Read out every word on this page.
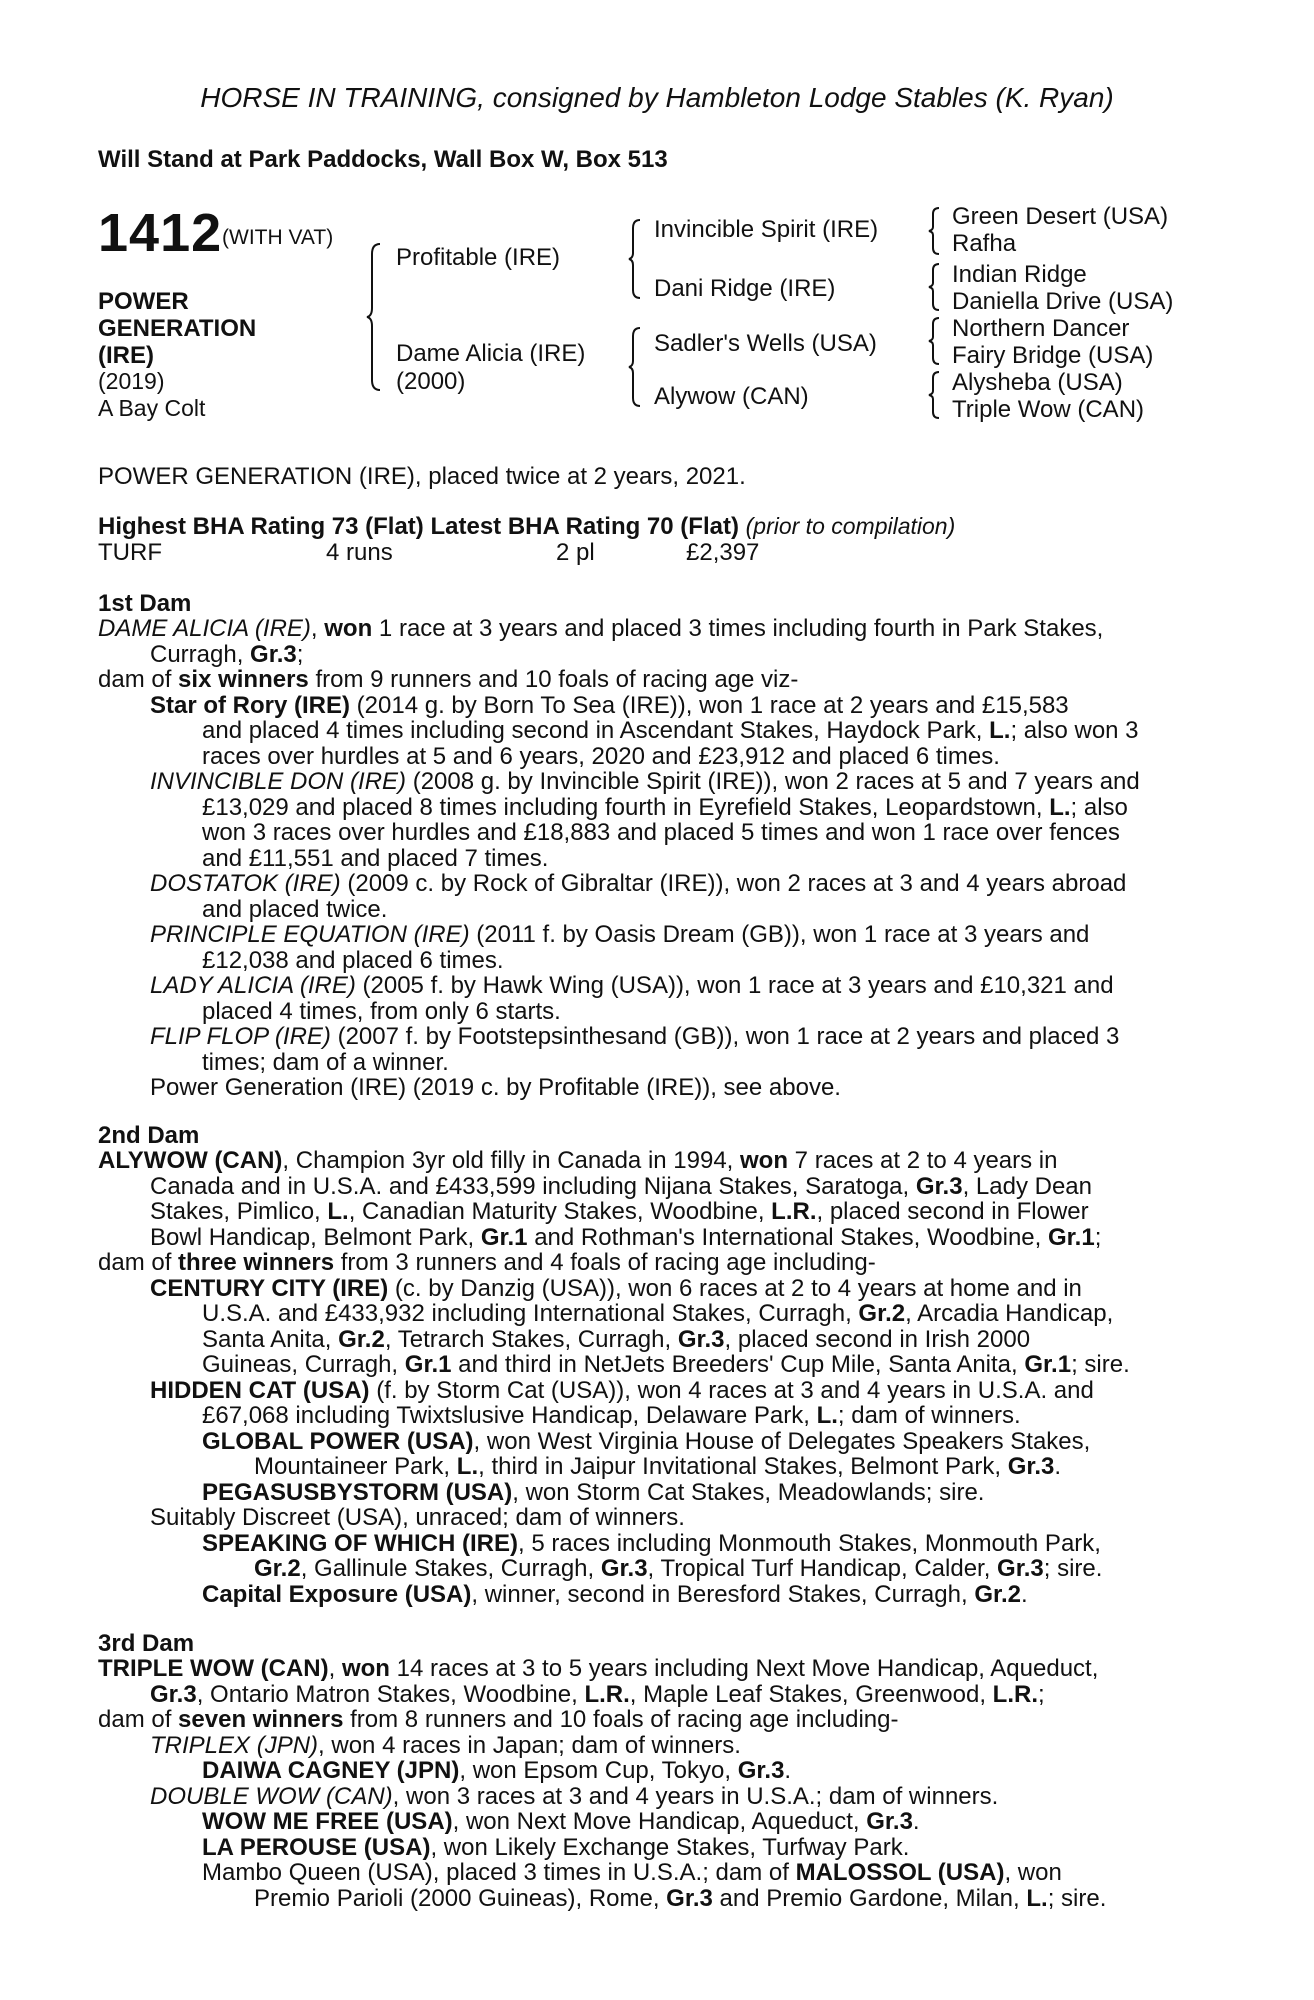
HORSE IN TRAINING, consigned by Hambleton Lodge Stables (K. Ryan)
Will Stand at Park Paddocks, Wall Box W, Box 513
1412 (WITH VAT)
POWER
GENERATION
(IRE)
(2019)
A Bay Colt
Profitable (IRE)
Dame Alicia (IRE)
(2000)
Invincible Spirit (IRE)
Dani Ridge (IRE)
Sadler's Wells (USA)
Alywow (CAN)
Green Desert (USA)
Rafha
Indian Ridge
Daniella Drive (USA)
Northern Dancer
Fairy Bridge (USA)
Alysheba (USA)
Triple Wow (CAN)
POWER GENERATION (IRE), placed twice at 2 years, 2021.
Highest BHA Rating 73 (Flat) Latest BHA Rating 70 (Flat) (prior to compilation)
TURF	4 runs	2 pl	£2,397
1st Dam
DAME ALICIA (IRE), won 1 race at 3 years and placed 3 times including fourth in Park Stakes,
Curragh, Gr.3;
dam of six winners from 9 runners and 10 foals of racing age viz-
Star of Rory (IRE) (2014 g. by Born To Sea (IRE)), won 1 race at 2 years and £15,583
and placed 4 times including second in Ascendant Stakes, Haydock Park, L.; also won 3
races over hurdles at 5 and 6 years, 2020 and £23,912 and placed 6 times.
INVINCIBLE DON (IRE) (2008 g. by Invincible Spirit (IRE)), won 2 races at 5 and 7 years and
£13,029 and placed 8 times including fourth in Eyrefield Stakes, Leopardstown, L.; also
won 3 races over hurdles and £18,883 and placed 5 times and won 1 race over fences
and £11,551 and placed 7 times.
DOSTATOK (IRE) (2009 c. by Rock of Gibraltar (IRE)), won 2 races at 3 and 4 years abroad
and placed twice.
PRINCIPLE EQUATION (IRE) (2011 f. by Oasis Dream (GB)), won 1 race at 3 years and
£12,038 and placed 6 times.
LADY ALICIA (IRE) (2005 f. by Hawk Wing (USA)), won 1 race at 3 years and £10,321 and
placed 4 times, from only 6 starts.
FLIP FLOP (IRE) (2007 f. by Footstepsinthesand (GB)), won 1 race at 2 years and placed 3
times; dam of a winner.
Power Generation (IRE) (2019 c. by Profitable (IRE)), see above.
2nd Dam
ALYWOW (CAN), Champion 3yr old filly in Canada in 1994, won 7 races at 2 to 4 years in
Canada and in U.S.A. and £433,599 including Nijana Stakes, Saratoga, Gr.3, Lady Dean
Stakes, Pimlico, L., Canadian Maturity Stakes, Woodbine, L.R., placed second in Flower
Bowl Handicap, Belmont Park, Gr.1 and Rothman's International Stakes, Woodbine, Gr.1;
dam of three winners from 3 runners and 4 foals of racing age including-
CENTURY CITY (IRE) (c. by Danzig (USA)), won 6 races at 2 to 4 years at home and in
U.S.A. and £433,932 including International Stakes, Curragh, Gr.2, Arcadia Handicap,
Santa Anita, Gr.2, Tetrarch Stakes, Curragh, Gr.3, placed second in Irish 2000
Guineas, Curragh, Gr.1 and third in NetJets Breeders' Cup Mile, Santa Anita, Gr.1; sire.
HIDDEN CAT (USA) (f. by Storm Cat (USA)), won 4 races at 3 and 4 years in U.S.A. and
£67,068 including Twixtslusive Handicap, Delaware Park, L.; dam of winners.
GLOBAL POWER (USA), won West Virginia House of Delegates Speakers Stakes,
Mountaineer Park, L., third in Jaipur Invitational Stakes, Belmont Park, Gr.3.
PEGASUSBYSTORM (USA), won Storm Cat Stakes, Meadowlands; sire.
Suitably Discreet (USA), unraced; dam of winners.
SPEAKING OF WHICH (IRE), 5 races including Monmouth Stakes, Monmouth Park,
Gr.2, Gallinule Stakes, Curragh, Gr.3, Tropical Turf Handicap, Calder, Gr.3; sire.
Capital Exposure (USA), winner, second in Beresford Stakes, Curragh, Gr.2.
3rd Dam
TRIPLE WOW (CAN), won 14 races at 3 to 5 years including Next Move Handicap, Aqueduct,
Gr.3, Ontario Matron Stakes, Woodbine, L.R., Maple Leaf Stakes, Greenwood, L.R.;
dam of seven winners from 8 runners and 10 foals of racing age including-
TRIPLEX (JPN), won 4 races in Japan; dam of winners.
DAIWA CAGNEY (JPN), won Epsom Cup, Tokyo, Gr.3.
DOUBLE WOW (CAN), won 3 races at 3 and 4 years in U.S.A.; dam of winners.
WOW ME FREE (USA), won Next Move Handicap, Aqueduct, Gr.3.
LA PEROUSE (USA), won Likely Exchange Stakes, Turfway Park.
Mambo Queen (USA), placed 3 times in U.S.A.; dam of MALOSSOL (USA), won
Premio Parioli (2000 Guineas), Rome, Gr.3 and Premio Gardone, Milan, L.; sire.
